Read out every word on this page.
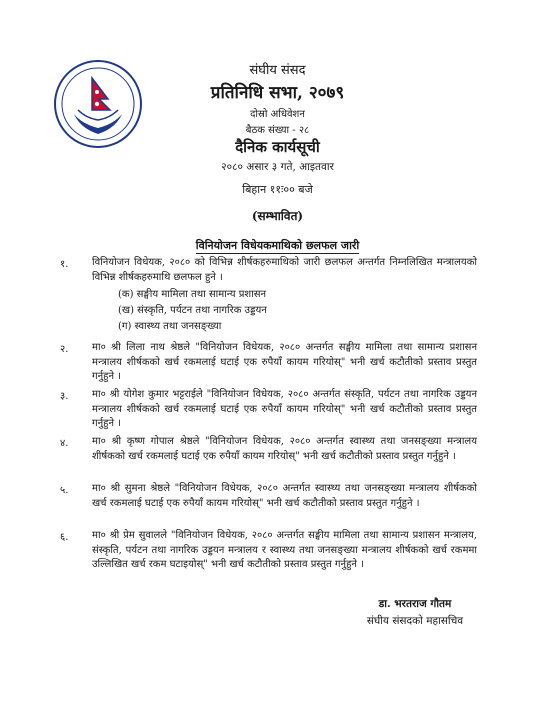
संघीय संसद
प्रतिनिधि सभा, २०७९
दोस्रो अधिवेशन
बैठक संख्या - २८
दैनिक कार्यसूची
२०८० असार ३ गते, आइतवार
बिहान ११ः०० बजे
(सम्भावित)
विनियोजन विधेयकमाथिको छलफल जारी
१. विनियोजन विधेयक, २०८० को विभिन्न शीर्षकहरुमाथिको जारी छलफल अन्तर्गत निम्नलिखित मन्त्रालयको विभिन्न शीर्षकहरुमाथि छलफल हुने ।
(क) सङ्घीय मामिला तथा सामान्य प्रशासन
(ख) संस्कृति, पर्यटन तथा नागरिक उड्डयन
(ग) स्वास्थ्य तथा जनसङ्ख्या
२. मा० श्री लिला नाथ श्रेष्ठले "विनियोजन विधेयक, २०८० अन्तर्गत सङ्घीय मामिला तथा सामान्य प्रशासन मन्त्रालय शीर्षकको खर्च रकमलाई घटाई एक रुपैयाँ कायम गरियोस्" भनी खर्च कटौतीको प्रस्ताव प्रस्तुत गर्नुहुने ।
३. मा० श्री योगेश कुमार भट्टराईले "विनियोजन विधेयक, २०८० अन्तर्गत संस्कृति, पर्यटन तथा नागरिक उड्डयन मन्त्रालय शीर्षकको खर्च रकमलाई घटाई एक रुपैयाँ कायम गरियोस्" भनी खर्च कटौतीको प्रस्ताव प्रस्तुत गर्नुहुने ।
४. मा० श्री कृष्ण गोपाल श्रेष्ठले "विनियोजन विधेयक, २०८० अन्तर्गत स्वास्थ्य तथा जनसङ्ख्या मन्त्रालय शीर्षकको खर्च रकमलाई घटाई एक रुपैयाँ कायम गरियोस्" भनी खर्च कटौतीको प्रस्ताव प्रस्तुत गर्नुहुने ।
५. मा० श्री सुमना श्रेष्ठले "विनियोजन विधेयक, २०८० अन्तर्गत स्वास्थ्य तथा जनसङ्ख्या मन्त्रालय शीर्षकको खर्च रकमलाई घटाई एक रुपैयाँ कायम गरियोस्" भनी खर्च कटौतीको प्रस्ताव प्रस्तुत गर्नुहुने ।
६. मा० श्री प्रेम सुवालले "विनियोजन विधेयक, २०८० अन्तर्गत सङ्घीय मामिला तथा सामान्य प्रशासन मन्त्रालय, संस्कृति, पर्यटन तथा नागरिक उड्डयन मन्त्रालय र स्वास्थ्य तथा जनसङ्ख्या मन्त्रालय शीर्षकको खर्च रकममा उल्लिखित खर्च रकम घटाइयोस्" भनी खर्च कटौतीको प्रस्ताव प्रस्तुत गर्नुहुने ।
डा. भरतराज गौतम
संघीय संसदको महासचिव
